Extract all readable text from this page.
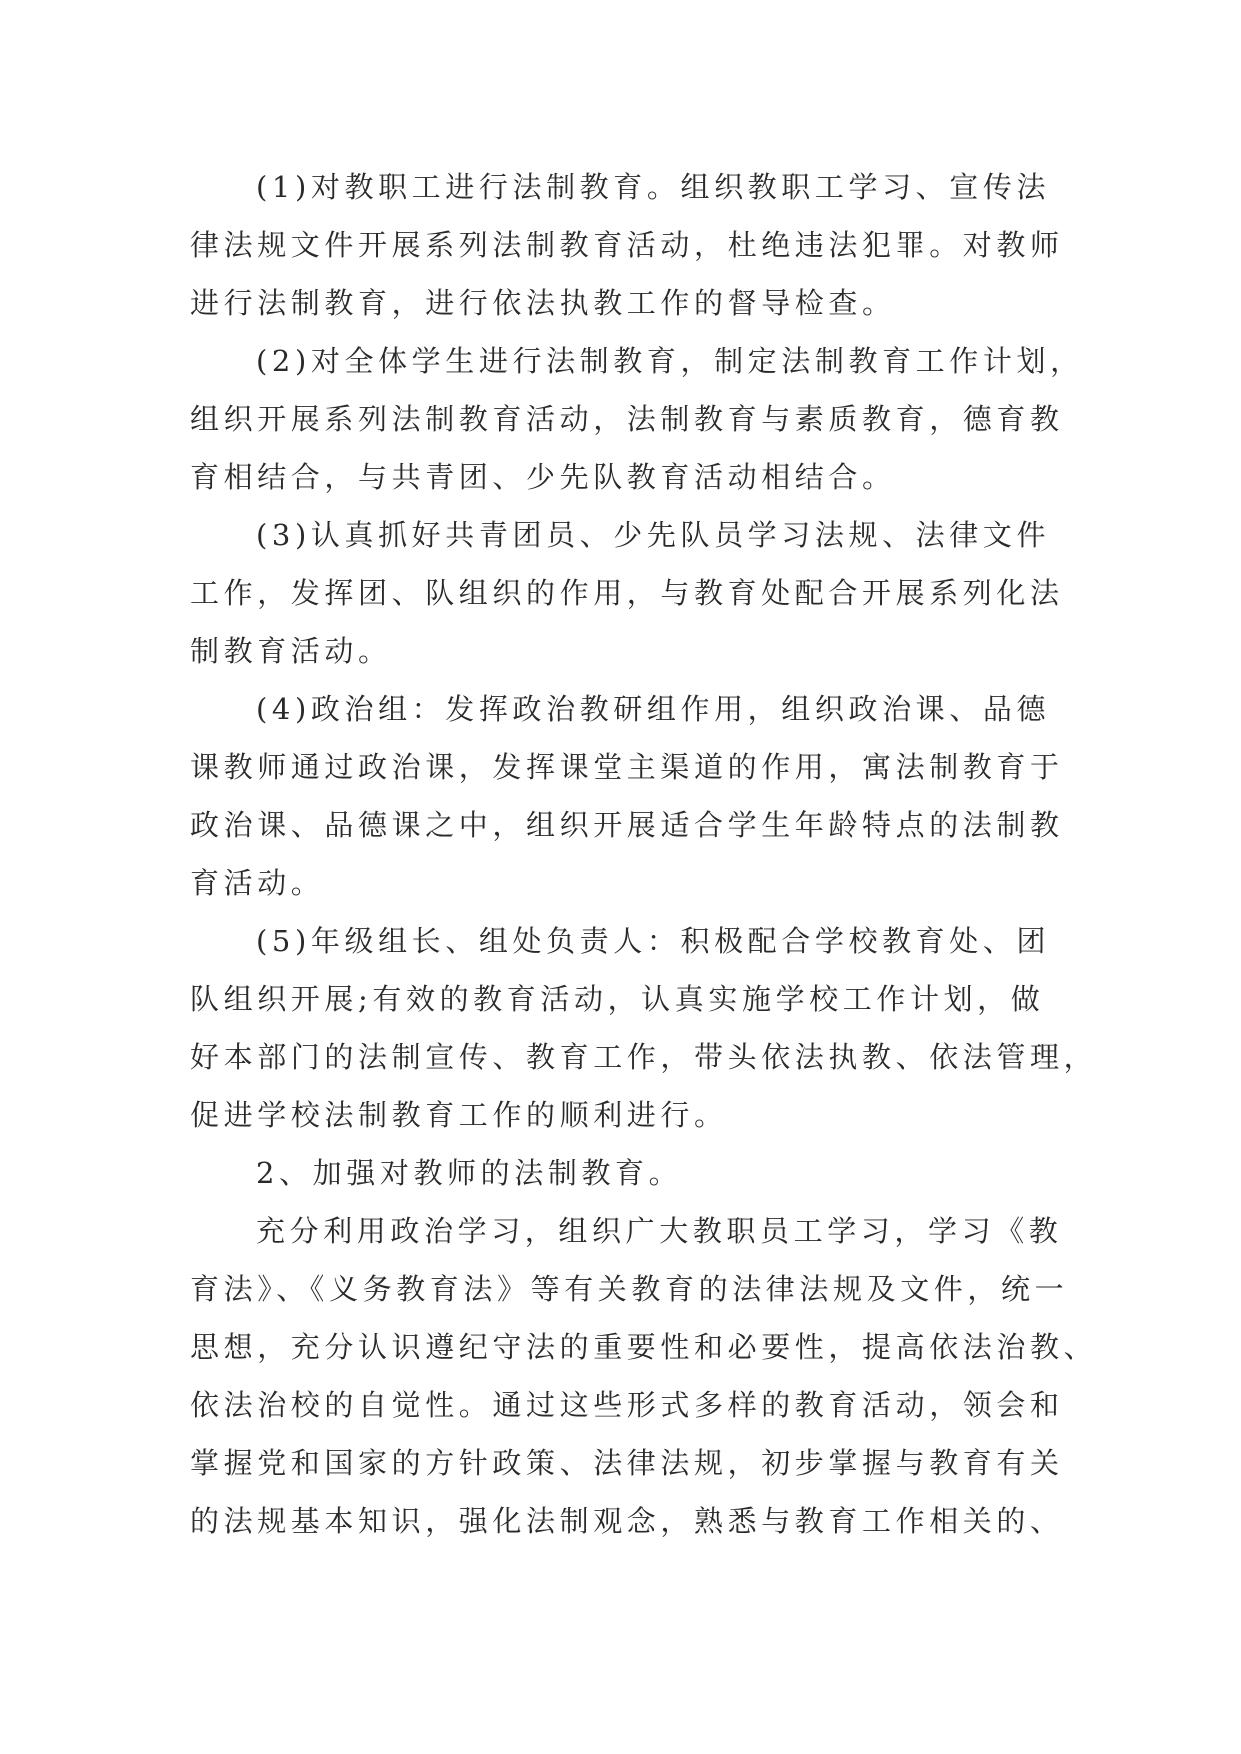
(1)对教职工进行法制教育。组织教职工学习、宣传法
律法规文件开展系列法制教育活动，杜绝违法犯罪。对教师
进行法制教育，进行依法执教工作的督导检查。
(2)对全体学生进行法制教育，制定法制教育工作计划，
组织开展系列法制教育活动，法制教育与素质教育，德育教
育相结合，与共青团、少先队教育活动相结合。
(3)认真抓好共青团员、少先队员学习法规、法律文件
工作，发挥团、队组织的作用，与教育处配合开展系列化法
制教育活动。
(4)政治组：发挥政治教研组作用，组织政治课、品德
课教师通过政治课，发挥课堂主渠道的作用，寓法制教育于
政治课、品德课之中，组织开展适合学生年龄特点的法制教
育活动。
(5)年级组长、组处负责人：积极配合学校教育处、团
队组织开展;有效的教育活动，认真实施学校工作计划，做
好本部门的法制宣传、教育工作，带头依法执教、依法管理，
促进学校法制教育工作的顺利进行。
2、加强对教师的法制教育。
充分利用政治学习，组织广大教职员工学习，学习《教
育法》、《义务教育法》等有关教育的法律法规及文件，统一
思想，充分认识遵纪守法的重要性和必要性，提高依法治教、
依法治校的自觉性。通过这些形式多样的教育活动，领会和
掌握党和国家的方针政策、法律法规，初步掌握与教育有关
的法规基本知识，强化法制观念，熟悉与教育工作相关的、
